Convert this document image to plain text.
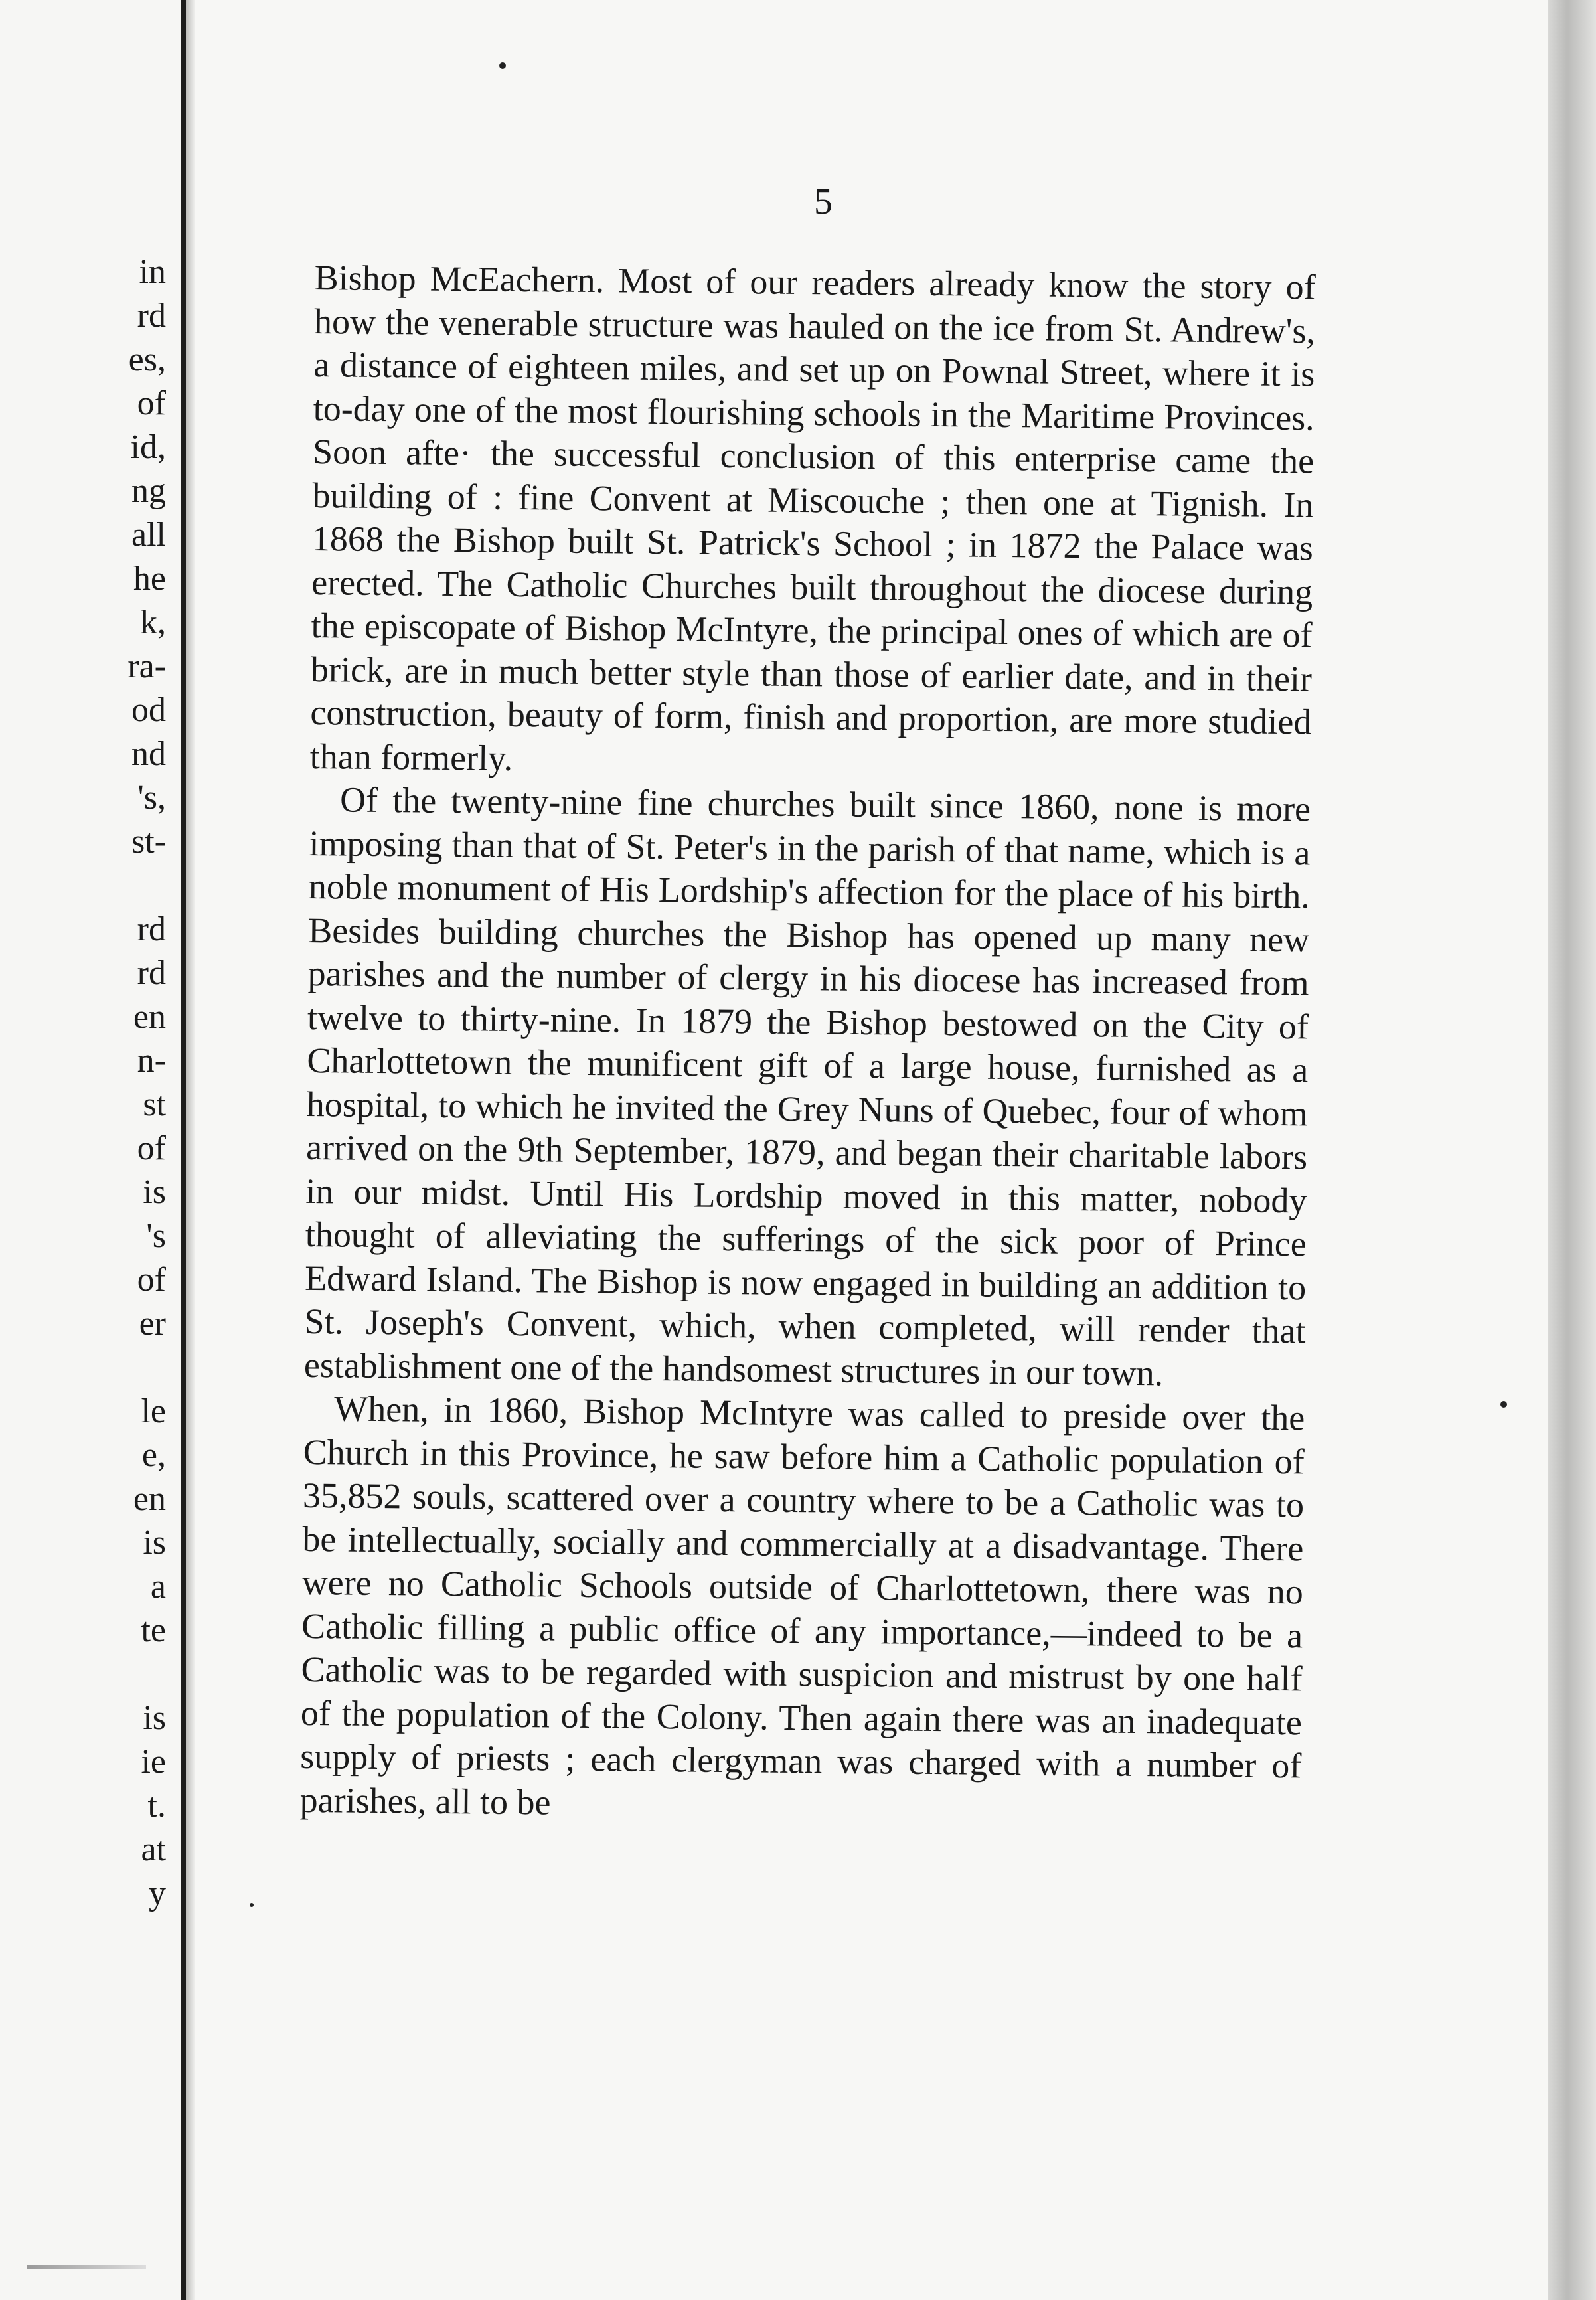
in
rd
es,
of
id,
ng
all
he
k,
ra-
od
nd
's,
st-
rd
rd
en
n-
st
of
is
's
of
er
le
e,
en
is
a
te
is
ie
t.
at
y
5

Bishop McEachern. Most of our readers already know the story of how the venerable structure was hauled on the ice from St. Andrew's, a distance of eighteen miles, and set up on Pownal Street, where it is to-day one of the most flourishing schools in the Maritime Provinces. Soon afte· the successful conclusion of this enterprise came the building of : fine Convent at Miscouche ; then one at Tignish. In 1868 the Bishop built St. Patrick's School ; in 1872 the Palace was erected. The Catholic Churches built throughout the diocese during the episcopate of Bishop McIntyre, the principal ones of which are of brick, are in much better style than those of earlier date, and in their construction, beauty of form, finish and proportion, are more studied than formerly.

Of the twenty-nine fine churches built since 1860, none is more imposing than that of St. Peter's in the parish of that name, which is a noble monument of His Lordship's affection for the place of his birth. Besides building churches the Bishop has opened up many new parishes and the number of clergy in his diocese has increased from twelve to thirty-nine. In 1879 the Bishop bestowed on the City of Charlottetown the munificent gift of a large house, furnished as a hospital, to which he invited the Grey Nuns of Quebec, four of whom arrived on the 9th September, 1879, and began their charitable labors in our midst. Until His Lordship moved in this matter, nobody thought of alleviating the sufferings of the sick poor of Prince Edward Island. The Bishop is now engaged in building an addition to St. Joseph's Convent, which, when completed, will render that establishment one of the handsomest structures in our town.

When, in 1860, Bishop McIntyre was called to preside over the Church in this Province, he saw before him a Catholic population of 35,852 souls, scattered over a country where to be a Catholic was to be intellectually, socially and commercially at a disadvantage. There were no Catholic Schools outside of Charlottetown, there was no Catholic filling a public office of any importance,—indeed to be a Catholic was to be regarded with suspicion and mistrust by one half of the population of the Colony. Then again there was an inadequate supply of priests ; each clergyman was charged with a number of parishes, all to be
